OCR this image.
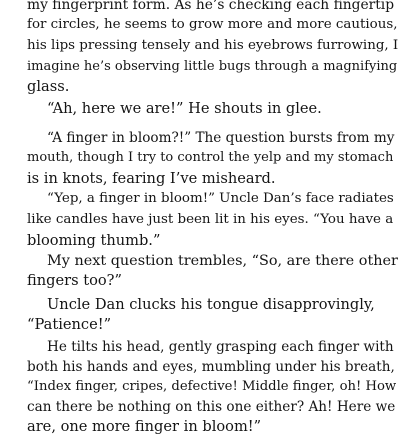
my fingerprint form. As he’s checking each fingertip
for circles, he seems to grow more and more cautious,
his lips pressing tensely and his eyebrows furrowing, I
imagine he’s observing little bugs through a magnifying
glass.
“Ah, here we are!” He shouts in glee.
“A finger in bloom?!” The question bursts from my
mouth, though I try to control the yelp and my stomach
is in knots, fearing I’ve misheard.
“Yep, a finger in bloom!” Uncle Dan’s face radiates
like candles have just been lit in his eyes. “You have a
blooming thumb.”
My next question trembles, “So, are there other
fingers too?”
Uncle Dan clucks his tongue disapprovingly,
“Patience!”
He tilts his head, gently grasping each finger with
both his hands and eyes, mumbling under his breath,
“Index finger, cripes, defective! Middle finger, oh! How
can there be nothing on this one either? Ah! Here we
are, one more finger in bloom!”
